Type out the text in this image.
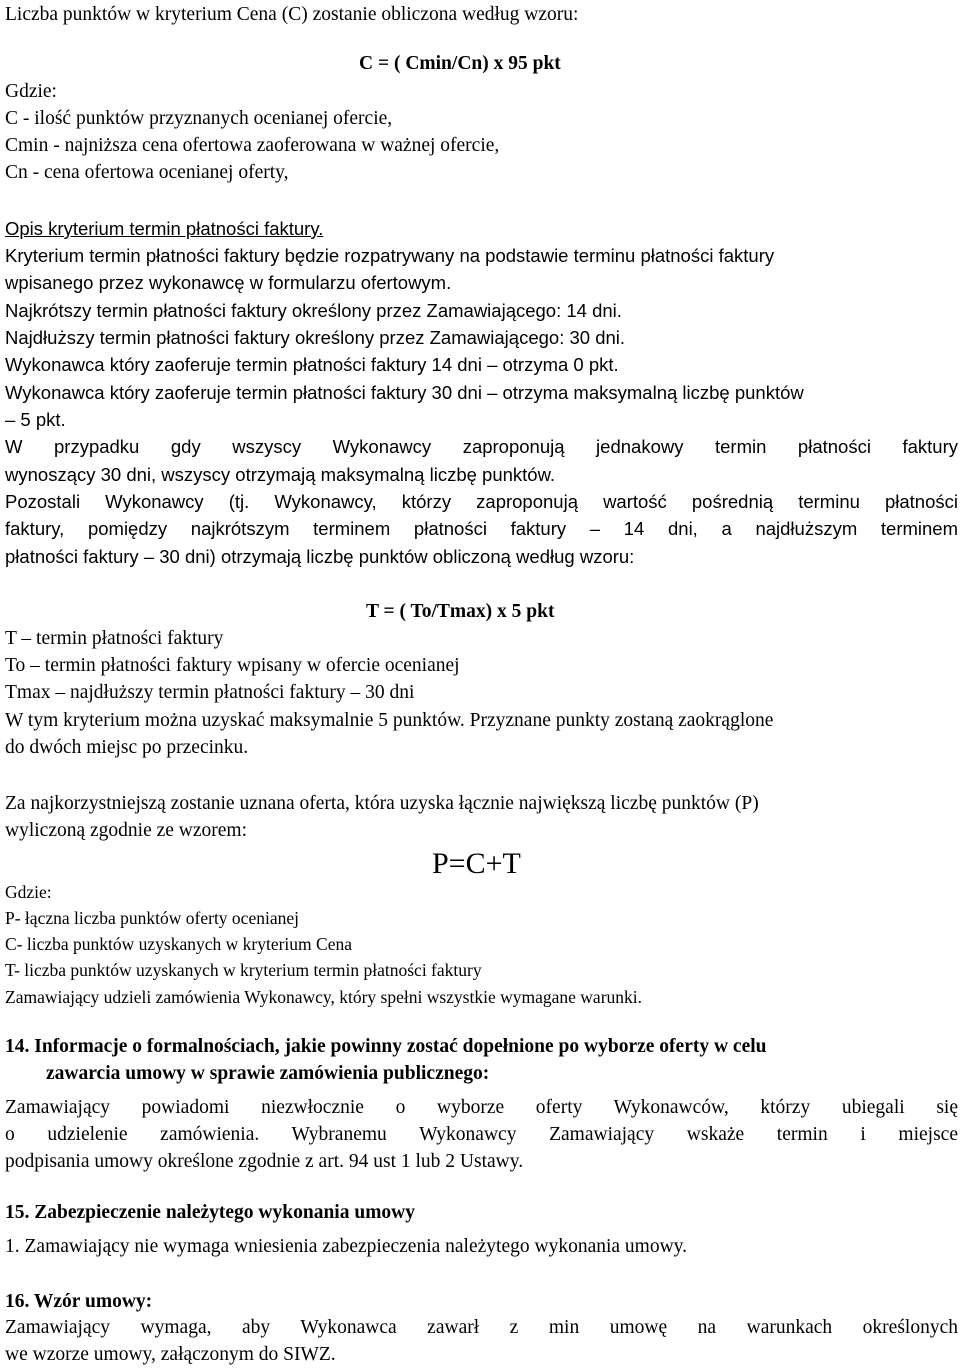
Liczba punktów w kryterium Cena (C) zostanie obliczona według wzoru:
C = ( Cmin/Cn) x 95 pkt
Gdzie:
C - ilość punktów przyznanych ocenianej ofercie,
Cmin - najniższa cena ofertowa zaoferowana w ważnej ofercie,
Cn - cena ofertowa ocenianej oferty,
Opis kryterium termin płatności faktury.
Kryterium termin płatności faktury będzie rozpatrywany na podstawie terminu płatności faktury
wpisanego przez wykonawcę w formularzu ofertowym.
Najkrótszy termin płatności faktury określony przez Zamawiającego: 14 dni.
Najdłuższy termin płatności faktury określony przez Zamawiającego: 30 dni.
Wykonawca który zaoferuje termin płatności faktury 14 dni – otrzyma 0 pkt.
Wykonawca który zaoferuje termin płatności faktury 30 dni – otrzyma maksymalną liczbę punktów
– 5 pkt.
W przypadku gdy wszyscy Wykonawcy zaproponują jednakowy termin płatności faktury
wynoszący 30 dni, wszyscy otrzymają maksymalną liczbę punktów.
Pozostali Wykonawcy (tj. Wykonawcy, którzy zaproponują wartość pośrednią terminu płatności
faktury, pomiędzy najkrótszym terminem płatności faktury – 14 dni, a najdłuższym terminem
płatności faktury – 30 dni) otrzymają liczbę punktów obliczoną według wzoru:
T = ( To/Tmax) x 5 pkt
T – termin płatności faktury
To – termin płatności faktury wpisany w ofercie ocenianej
Tmax – najdłuższy termin płatności faktury – 30 dni
W tym kryterium można uzyskać maksymalnie 5 punktów. Przyznane punkty zostaną zaokrąglone
do dwóch miejsc po przecinku.
Za najkorzystniejszą zostanie uznana oferta, która uzyska łącznie największą liczbę punktów (P)
wyliczoną zgodnie ze wzorem:
P=C+T
Gdzie:
P- łączna liczba punktów oferty ocenianej
C- liczba punktów uzyskanych w kryterium Cena
T- liczba punktów uzyskanych w kryterium termin płatności faktury
Zamawiający udzieli zamówienia Wykonawcy, który spełni wszystkie wymagane warunki.
14. Informacje o formalnościach, jakie powinny zostać dopełnione po wyborze oferty w celu
zawarcia umowy w sprawie zamówienia publicznego:
Zamawiający powiadomi niezwłocznie o wyborze oferty Wykonawców, którzy ubiegali się
o udzielenie zamówienia. Wybranemu Wykonawcy Zamawiający wskaże termin i miejsce
podpisania umowy określone zgodnie z art. 94 ust 1 lub 2 Ustawy.
15. Zabezpieczenie należytego wykonania umowy
1. Zamawiający nie wymaga wniesienia zabezpieczenia należytego wykonania umowy.
16. Wzór umowy:
Zamawiający wymaga, aby Wykonawca zawarł z min umowę na warunkach określonych
we wzorze umowy, załączonym do SIWZ.
